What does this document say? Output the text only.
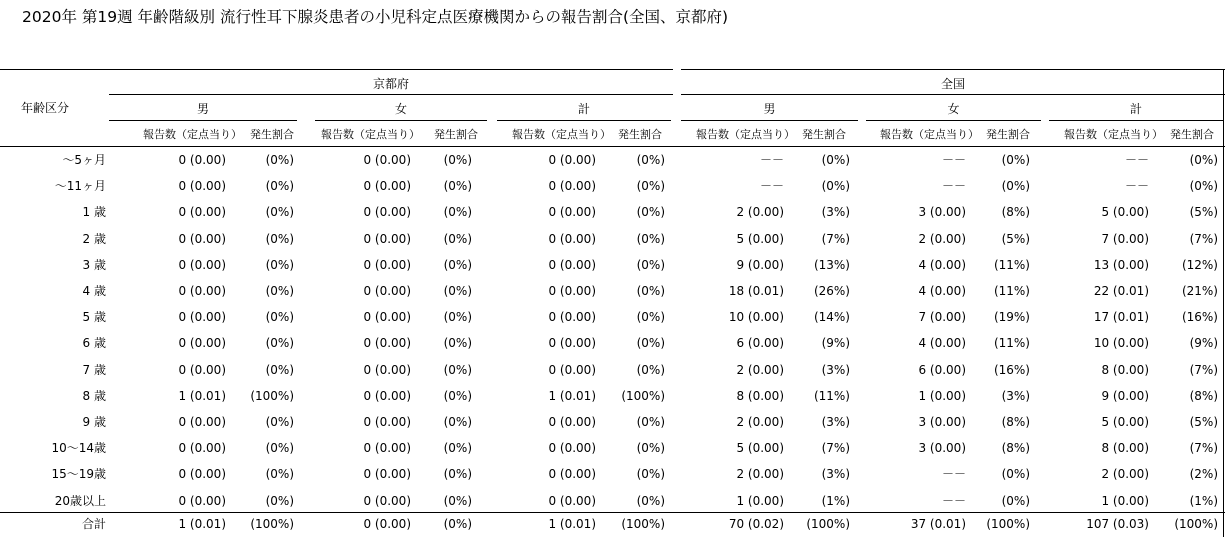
2020年 第19週 年齢階級別 流行性耳下腺炎患者の小児科定点医療機関からの報告割合(全国、京都府)
年齢区分
京都府	全国
男	女	計	男	女	計
報告数（定点当り） 発生割合 報告数（定点当り） 発生割合	報告数（定点当り） 発生割合	報告数（定点当り） 発生割合	報告数（定点当り） 発生割合	報告数（定点当り） 発生割合
〜5ヶ月	0 (0.00)	(0%)	0 (0.00)	(0%)	0 (0.00)	(0%)	－－	(0%)	－－	(0%)	－－	(0%)
〜11ヶ月	0 (0.00)	(0%)	0 (0.00)	(0%)	0 (0.00)	(0%)	－－	(0%)	－－	(0%)	－－	(0%)
1 歳	0 (0.00)	(0%)	0 (0.00)	(0%)	0 (0.00)	(0%)	2 (0.00)	(3%)	3 (0.00)	(8%)	5 (0.00)	(5%)
2 歳	0 (0.00)	(0%)	0 (0.00)	(0%)	0 (0.00)	(0%)	5 (0.00)	(7%)	2 (0.00)	(5%)	7 (0.00)	(7%)
3 歳	0 (0.00)	(0%)	0 (0.00)	(0%)	0 (0.00)	(0%)	9 (0.00)	(13%)	4 (0.00)	(11%)	13 (0.00)	(12%)
4 歳	0 (0.00)	(0%)	0 (0.00)	(0%)	0 (0.00)	(0%)	18 (0.01)	(26%)	4 (0.00)	(11%)	22 (0.01)	(21%)
5 歳	0 (0.00)	(0%)	0 (0.00)	(0%)	0 (0.00)	(0%)	10 (0.00)	(14%)	7 (0.00)	(19%)	17 (0.01)	(16%)
6 歳	0 (0.00)	(0%)	0 (0.00)	(0%)	0 (0.00)	(0%)	6 (0.00)	(9%)	4 (0.00)	(11%)	10 (0.00)	(9%)
7 歳	0 (0.00)	(0%)	0 (0.00)	(0%)	0 (0.00)	(0%)	2 (0.00)	(3%)	6 (0.00)	(16%)	8 (0.00)	(7%)
8 歳	1 (0.01)	(100%)	0 (0.00)	(0%)	1 (0.01)	(100%)	8 (0.00)	(11%)	1 (0.00)	(3%)	9 (0.00)	(8%)
9 歳	0 (0.00)	(0%)	0 (0.00)	(0%)	0 (0.00)	(0%)	2 (0.00)	(3%)	3 (0.00)	(8%)	5 (0.00)	(5%)
10〜14歳	0 (0.00)	(0%)	0 (0.00)	(0%)	0 (0.00)	(0%)	5 (0.00)	(7%)	3 (0.00)	(8%)	8 (0.00)	(7%)
15〜19歳	0 (0.00)	(0%)	0 (0.00)	(0%)	0 (0.00)	(0%)	2 (0.00)	(3%)	－－	(0%)	2 (0.00)	(2%)
20歳以上	0 (0.00)	(0%)	0 (0.00)	(0%)	0 (0.00)	(0%)	1 (0.00)	(1%)	－－	(0%)	1 (0.00)	(1%)
合計	1 (0.01)	(100%)	0 (0.00)	(0%)	1 (0.01)	(100%)	70 (0.02)	(100%)	37 (0.01)	(100%)	107 (0.03)	(100%)
